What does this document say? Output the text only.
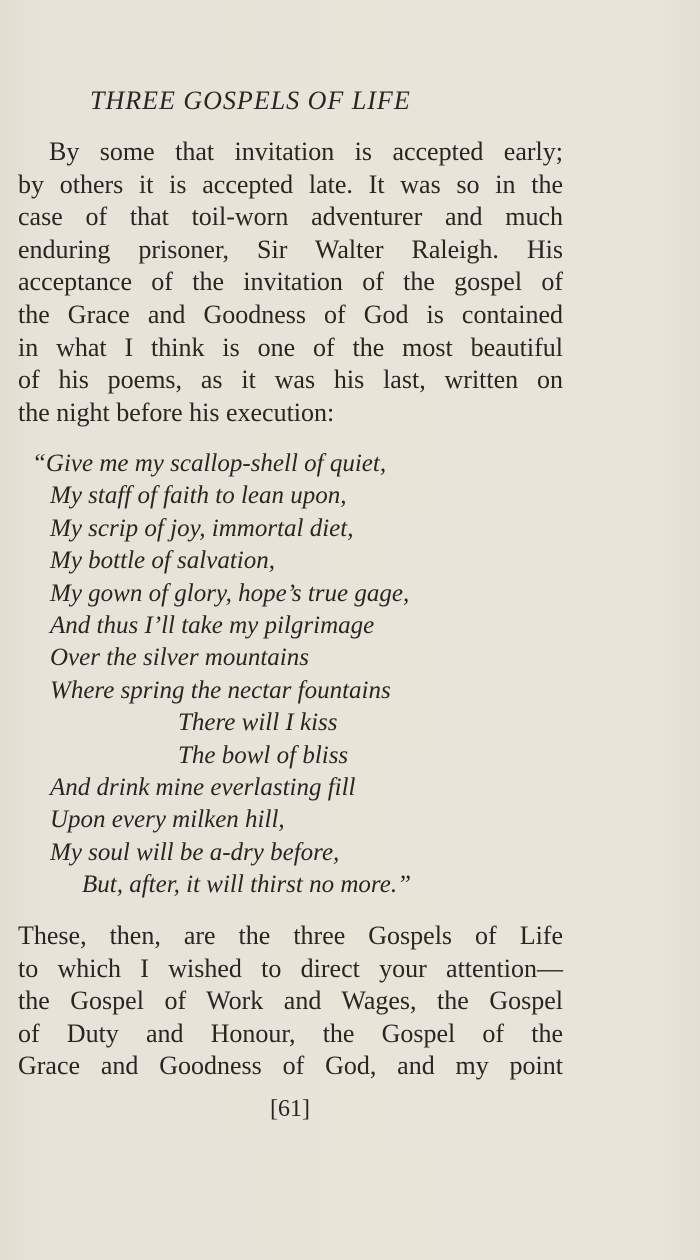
THREE GOSPELS OF LIFE
By some that invitation is accepted early;
by others it is accepted late. It was so in the
case of that toil-worn adventurer and much
enduring prisoner, Sir Walter Raleigh. His
acceptance of the invitation of the gospel of
the Grace and Goodness of God is contained
in what I think is one of the most beautiful
of his poems, as it was his last, written on
the night before his execution:
“Give me my scallop-shell of quiet,
My staff of faith to lean upon,
My scrip of joy, immortal diet,
My bottle of salvation,
My gown of glory, hope’s true gage,
And thus I’ll take my pilgrimage
Over the silver mountains
Where spring the nectar fountains
There will I kiss
The bowl of bliss
And drink mine everlasting fill
Upon every milken hill,
My soul will be a-dry before,
But, after, it will thirst no more.”
These, then, are the three Gospels of Life
to which I wished to direct your attention—
the Gospel of Work and Wages, the Gospel
of Duty and Honour, the Gospel of the
Grace and Goodness of God, and my point
[61]
